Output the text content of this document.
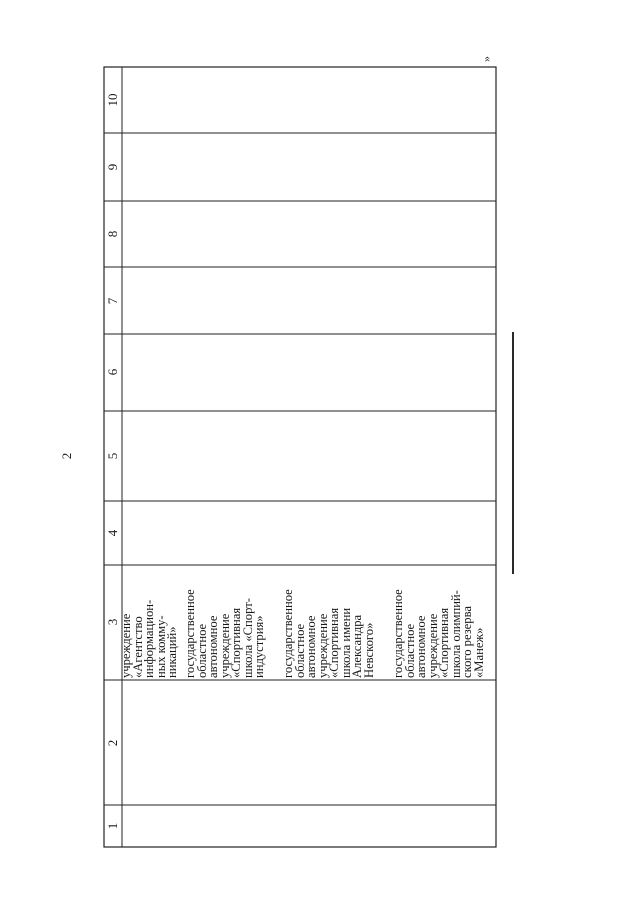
2
»
10
9
8
7
6
5
4
3
2
1
учреждение
«Агентство
информацион-
ных комму-
никаций» государственное
областное
автономное
учреждение
«Спортивная
школа «Спорт-
индустрия» государственное
областное
автономное
учреждение
«Спортивная
школа имени
Александра
Невского» государственное
областное
автономное
учреждение
«Спортивная
школа олимпий-
ского резерва
«Манеж»
